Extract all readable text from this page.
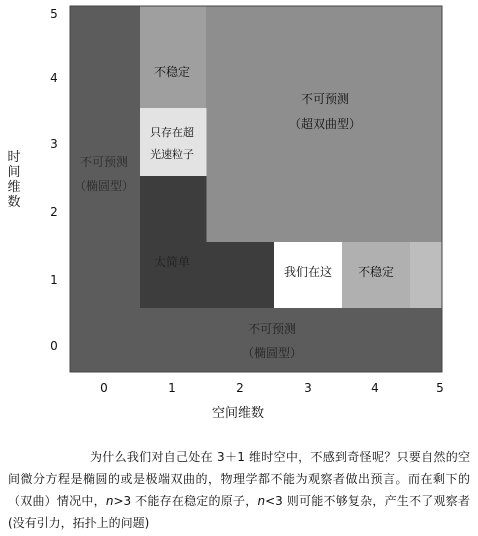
不可预测
（超双曲型）
不稳定
只存在超
光速粒子
不可预测
（椭圆型）
太简单
我们在这 不稳定
不可预测
（椭圆型）
5
4
3
2
1
0
0	1	2	3	4	5
时间维数
空间维数
为什么我们对自己处在 3＋1 维时空中，不感到奇怪呢？只要自然的空间微分方程是椭圆的或是极端双曲的，物理学都不能为观察者做出预言。而在剩下的（双曲）情况中，n>3 不能存在稳定的原子，n<3 则可能不够复杂，产生不了观察者(没有引力，拓扑上的问题)
